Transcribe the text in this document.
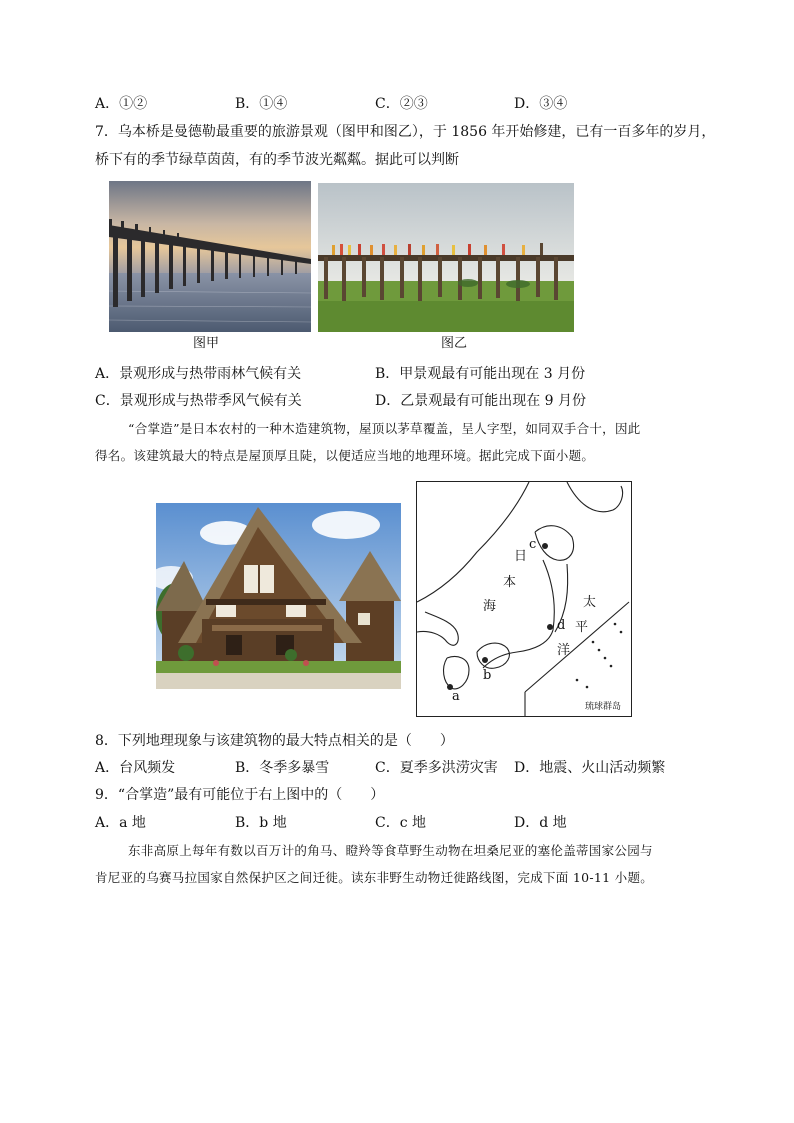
A．①②	B．①④	C．②③	D．③④
7．乌本桥是曼德勒最重要的旅游景观（图甲和图乙），于 1856 年开始修建，已有一百多年的岁月，
桥下有的季节绿草茵茵，有的季节波光粼粼。据此可以判断
图甲	图乙
A．景观形成与热带雨林气候有关	B．甲景观最有可能出现在 3 月份
C．景观形成与热带季风气候有关	D．乙景观最有可能出现在 9 月份
“合掌造”是日本农村的一种木造建筑物，屋顶以茅草覆盖，呈人字型，如同双手合十，因此
得名。该建筑最大的特点是屋顶厚且陡，以便适应当地的地理环境。据此完成下面小题。
c
d
b
a
日
本
海	太
平
洋
琉球群岛
8．下列地理现象与该建筑物的最大特点相关的是（　　）
A．台风频发	B．冬季多暴雪	C．夏季多洪涝灾害 D．地震、火山活动频繁
9．“合掌造”最有可能位于右上图中的（　　）
A．a 地	B．b 地	C．c 地	D．d 地
东非高原上每年有数以百万计的角马、瞪羚等食草野生动物在坦桑尼亚的塞伦盖蒂国家公园与
肯尼亚的乌赛马拉国家自然保护区之间迁徙。读东非野生动物迁徙路线图，完成下面 10-11 小题。
